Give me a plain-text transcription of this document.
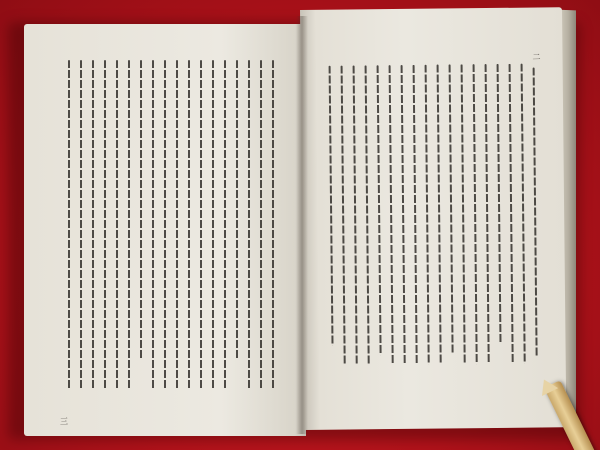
三
二
